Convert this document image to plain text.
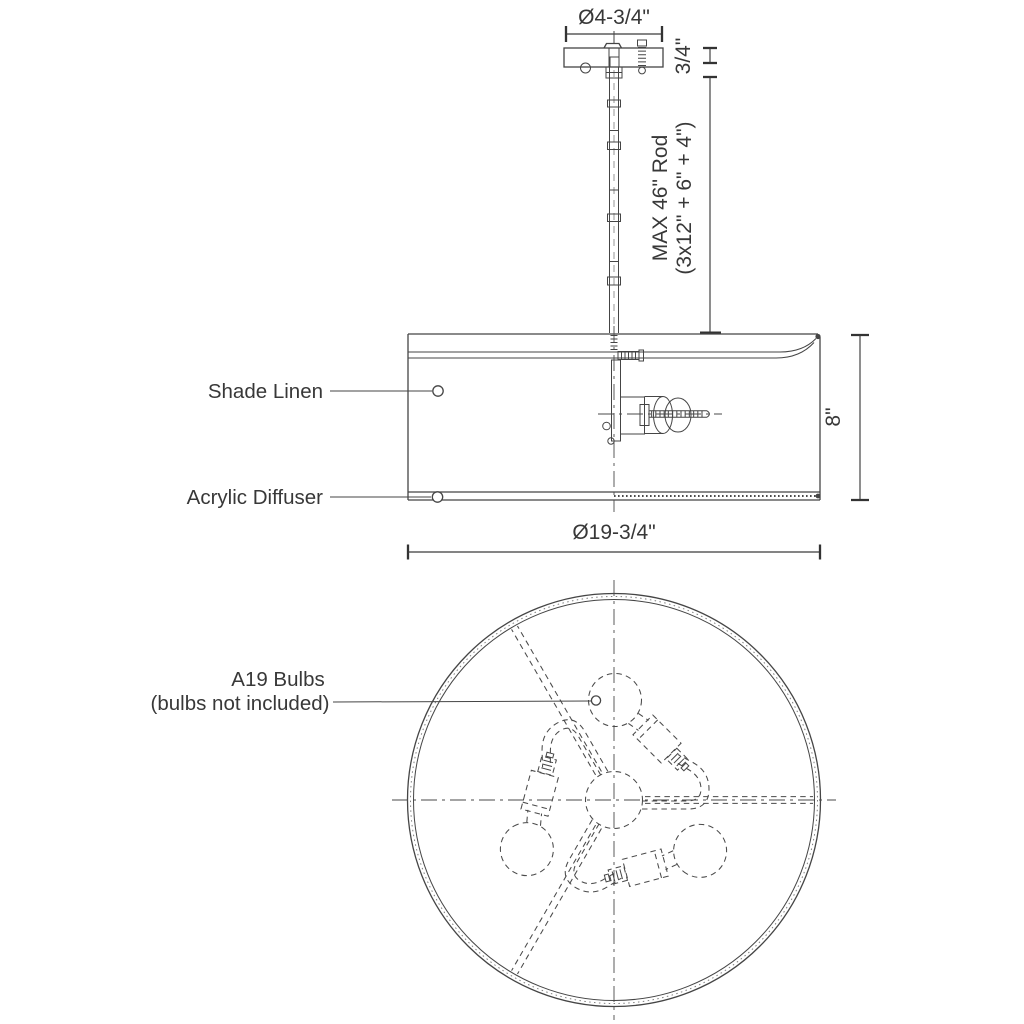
Ø4-3/4"
3/4"
MAX 46" Rod (3x12" + 6" + 4")
Shade Linen
Acrylic Diffuser
8"
Ø19-3/4"
A19 Bulbs
(bulbs not included)
